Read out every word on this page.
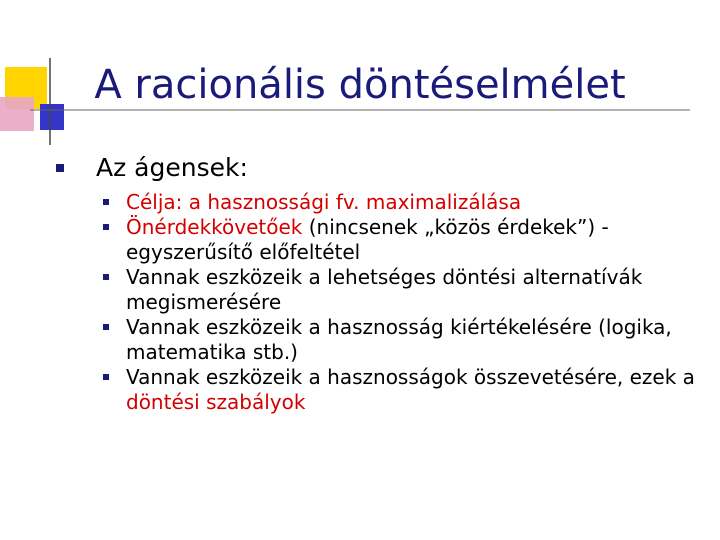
A racionális döntéselmélet
Az ágensek:
Célja: a hasznossági fv. maximalizálása
Önérdekkövetőek (nincsenek „közös érdekek”) - egyszerűsítő előfeltétel
Vannak eszközeik a lehetséges döntési alternatívák megismerésére
Vannak eszközeik a hasznosság kiértékelésére (logika, matematika stb.)
Vannak eszközeik a hasznosságok összevetésére, ezek a döntési szabályok
